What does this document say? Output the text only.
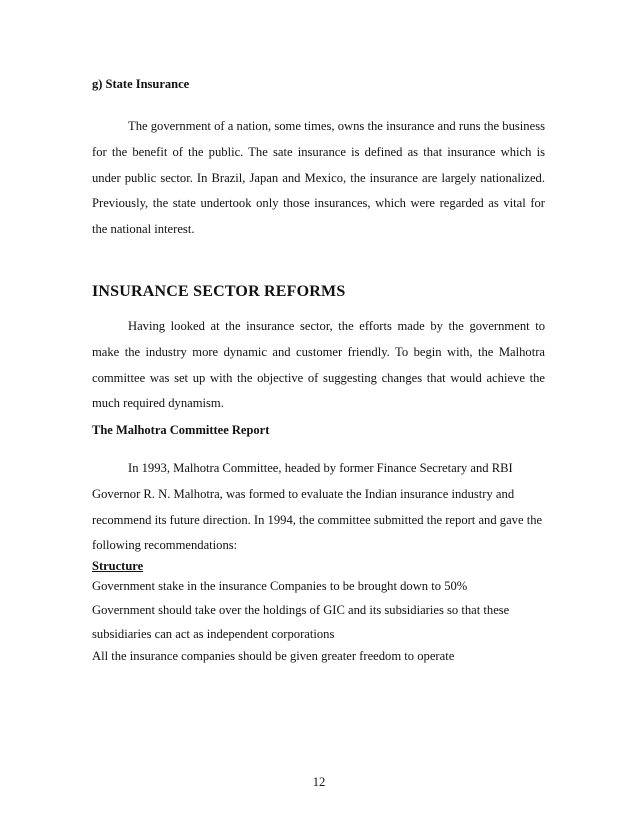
g) State Insurance

The government of a nation, some times, owns the insurance and runs the business for the benefit of the public. The sate insurance is defined as that insurance which is under public sector. In Brazil, Japan and Mexico, the insurance are largely nationalized. Previously, the state undertook only those insurances, which were regarded as vital for the national interest.

INSURANCE SECTOR REFORMS

Having looked at the insurance sector, the efforts made by the government to make the industry more dynamic and customer friendly. To begin with, the Malhotra committee was set up with the objective of suggesting changes that would achieve the much required dynamism.

The Malhotra Committee Report

In 1993, Malhotra Committee, headed by former Finance Secretary and RBI Governor R. N. Malhotra, was formed to evaluate the Indian insurance industry and recommend its future direction. In 1994, the committee submitted the report and gave the following recommendations:

Structure

Government stake in the insurance Companies to be brought down to 50%

Government should take over the holdings of GIC and its subsidiaries so that these

subsidiaries can act as independent corporations

All the insurance companies should be given greater freedom to operate

12
